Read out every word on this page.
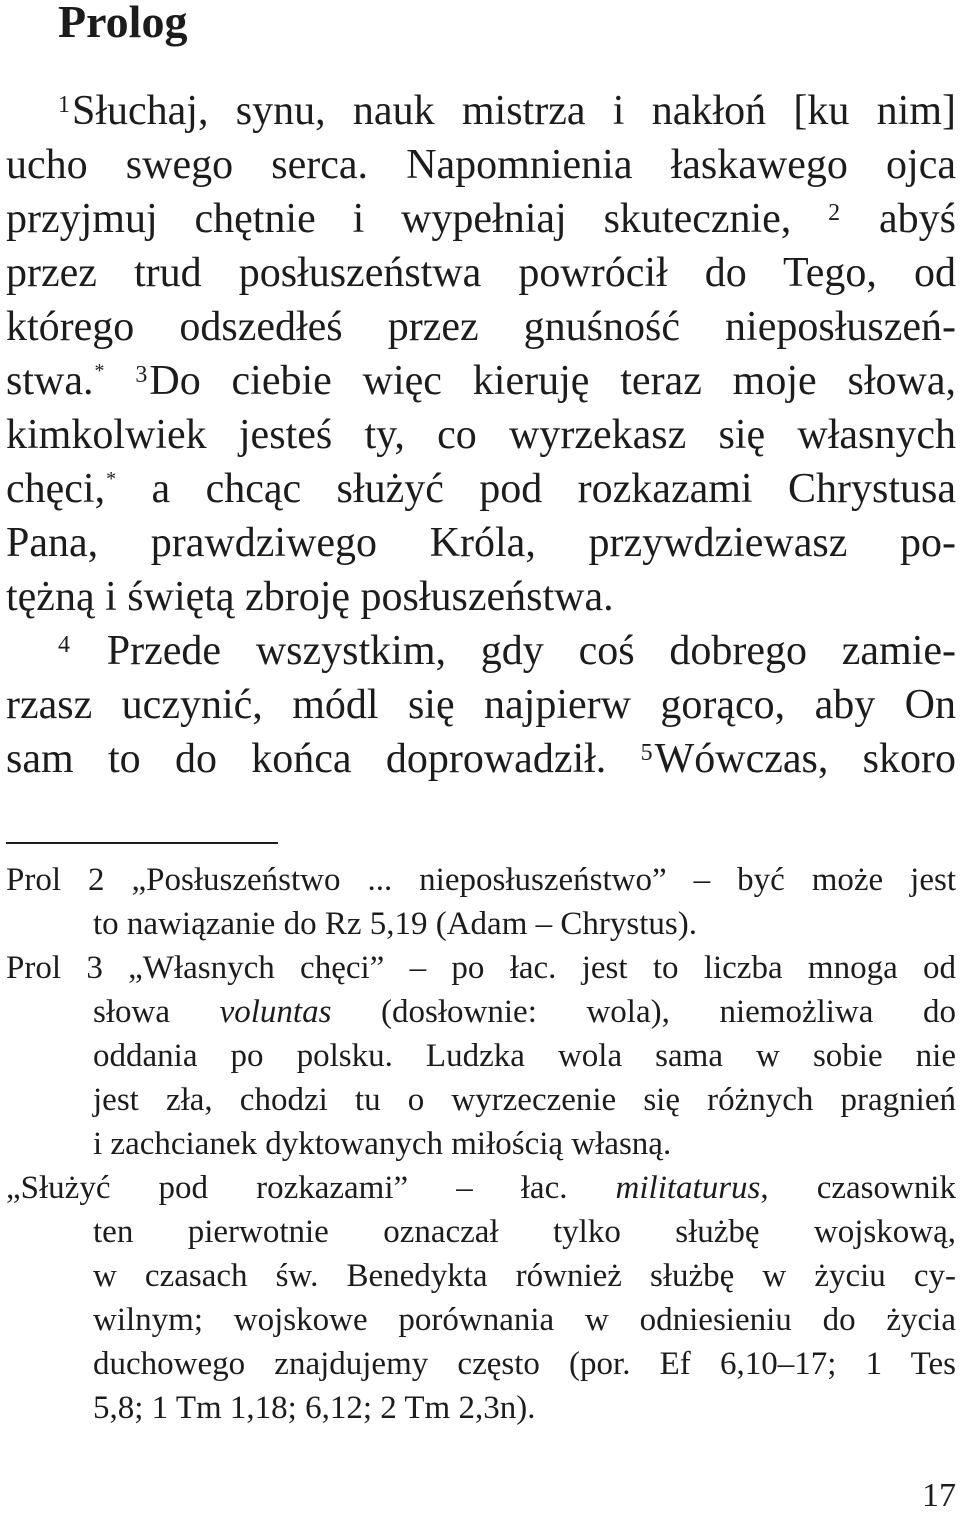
Prolog
$^1$Słuchaj, synu, nauk mistrza i nakłoń [ku nim]
ucho swego serca. Napomnienia łaskawego ojca
przyjmuj chętnie i wypełniaj skutecznie, $^2$ abyś
przez trud posłuszeństwa powrócił do Tego, od
którego odszedłeś przez gnuśność nieposłuszeń-
stwa.* $^3$Do ciebie więc kieruję teraz moje słowa,
kimkolwiek jesteś ty, co wyrzekasz się własnych
chęci,* a chcąc służyć pod rozkazami Chrystusa
Pana, prawdziwego Króla, przywdziewasz po-
tężną i świętą zbroję posłuszeństwa.
$^4$ Przede wszystkim, gdy coś dobrego zamie-
rzasz uczynić, módl się najpierw gorąco, aby On
sam to do końca doprowadził. $^5$Wówczas, skoro
Prol 2 „Posłuszeństwo ... nieposłuszeństwo” – być może jest
to nawiązanie do Rz 5,19 (Adam – Chrystus).
Prol 3 „Własnych chęci” – po łac. jest to liczba mnoga od
słowa voluntas (dosłownie: wola), niemożliwa do
oddania po polsku. Ludzka wola sama w sobie nie
jest zła, chodzi tu o wyrzeczenie się różnych pragnień
i zachcianek dyktowanych miłością własną.
„Służyć pod rozkazami” – łac. militaturus, czasownik
ten pierwotnie oznaczał tylko służbę wojskową,
w czasach św. Benedykta również służbę w życiu cy-
wilnym; wojskowe porównania w odniesieniu do życia
duchowego znajdujemy często (por. Ef 6,10–17; 1 Tes
5,8; 1 Tm 1,18; 6,12; 2 Tm 2,3n).
17
